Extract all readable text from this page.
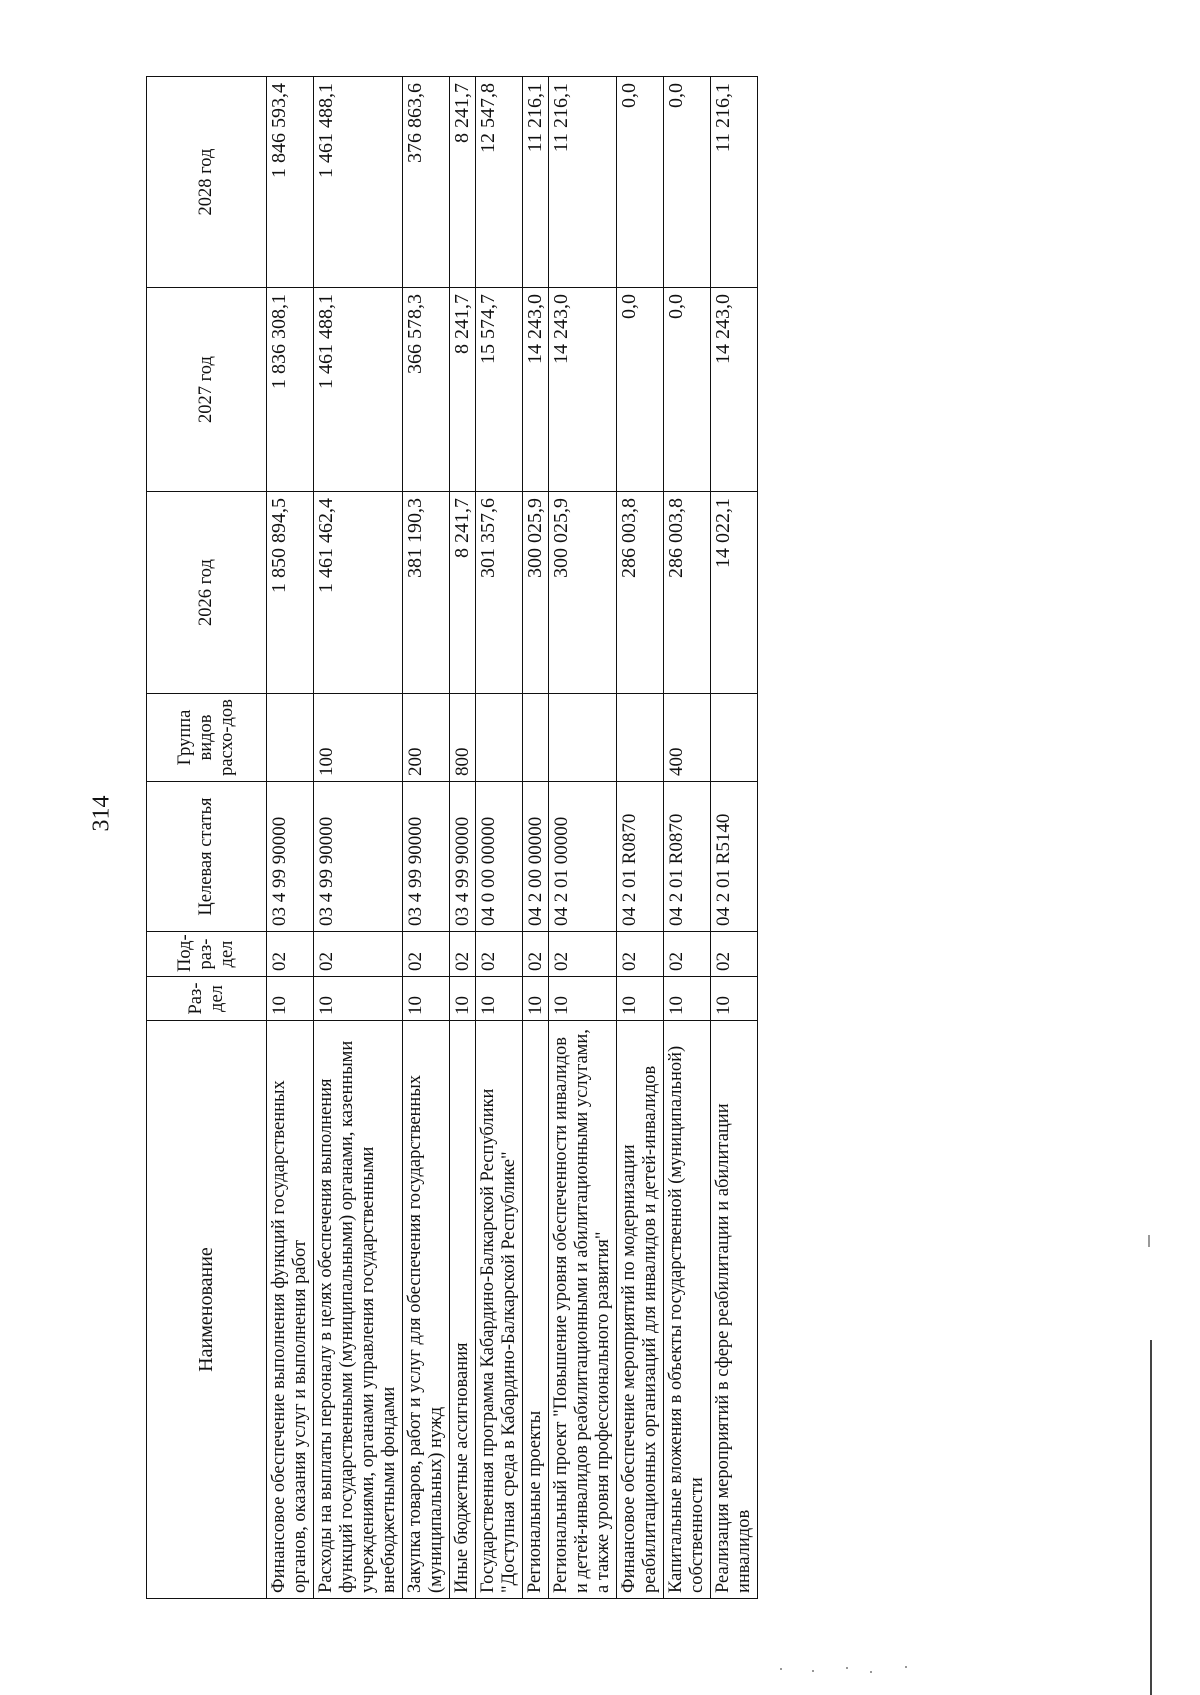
314
Наименование	Раз-дел	Под-раз-дел	Целевая статья	Группа видов расхо-дов	2026 год	2027 год	2028 год
Финансовое обеспечение выполнения функций государственных органов, оказания услуг и выполнения работ	10	02	03 4 99 90000		1 850 894,5	1 836 308,1	1 846 593,4
Расходы на выплаты персоналу в целях обеспечения выполнения функций государственными (муниципальными) органами, казенными учреждениями, органами управления государственными внебюджетными фондами	10	02	03 4 99 90000	100	1 461 462,4	1 461 488,1	1 461 488,1
Закупка товаров, работ и услуг для обеспечения государственных (муниципальных) нужд	10	02	03 4 99 90000	200	381 190,3	366 578,3	376 863,6
Иные бюджетные ассигнования	10	02	03 4 99 90000	800	8 241,7	8 241,7	8 241,7
Государственная программа Кабардино-Балкарской Республики "Доступная среда в Кабардино-Балкарской Республике"	10	02	04 0 00 00000		301 357,6	15 574,7	12 547,8
Региональные проекты	10	02	04 2 00 00000		300 025,9	14 243,0	11 216,1
Региональный проект "Повышение уровня обеспеченности инвалидов и детей-инвалидов реабилитационными и абилитационными услугами, а также уровня профессионального развития"	10	02	04 2 01 00000		300 025,9	14 243,0	11 216,1
Финансовое обеспечение мероприятий по модернизации реабилитационных организаций для инвалидов и детей-инвалидов	10	02	04 2 01 R0870		286 003,8	0,0	0,0
Капитальные вложения в объекты государственной (муниципальной) собственности	10	02	04 2 01 R0870	400	286 003,8	0,0	0,0
Реализация мероприятий в сфере реабилитации и абилитации инвалидов	10	02	04 2 01 R5140		14 022,1	14 243,0	11 216,1
